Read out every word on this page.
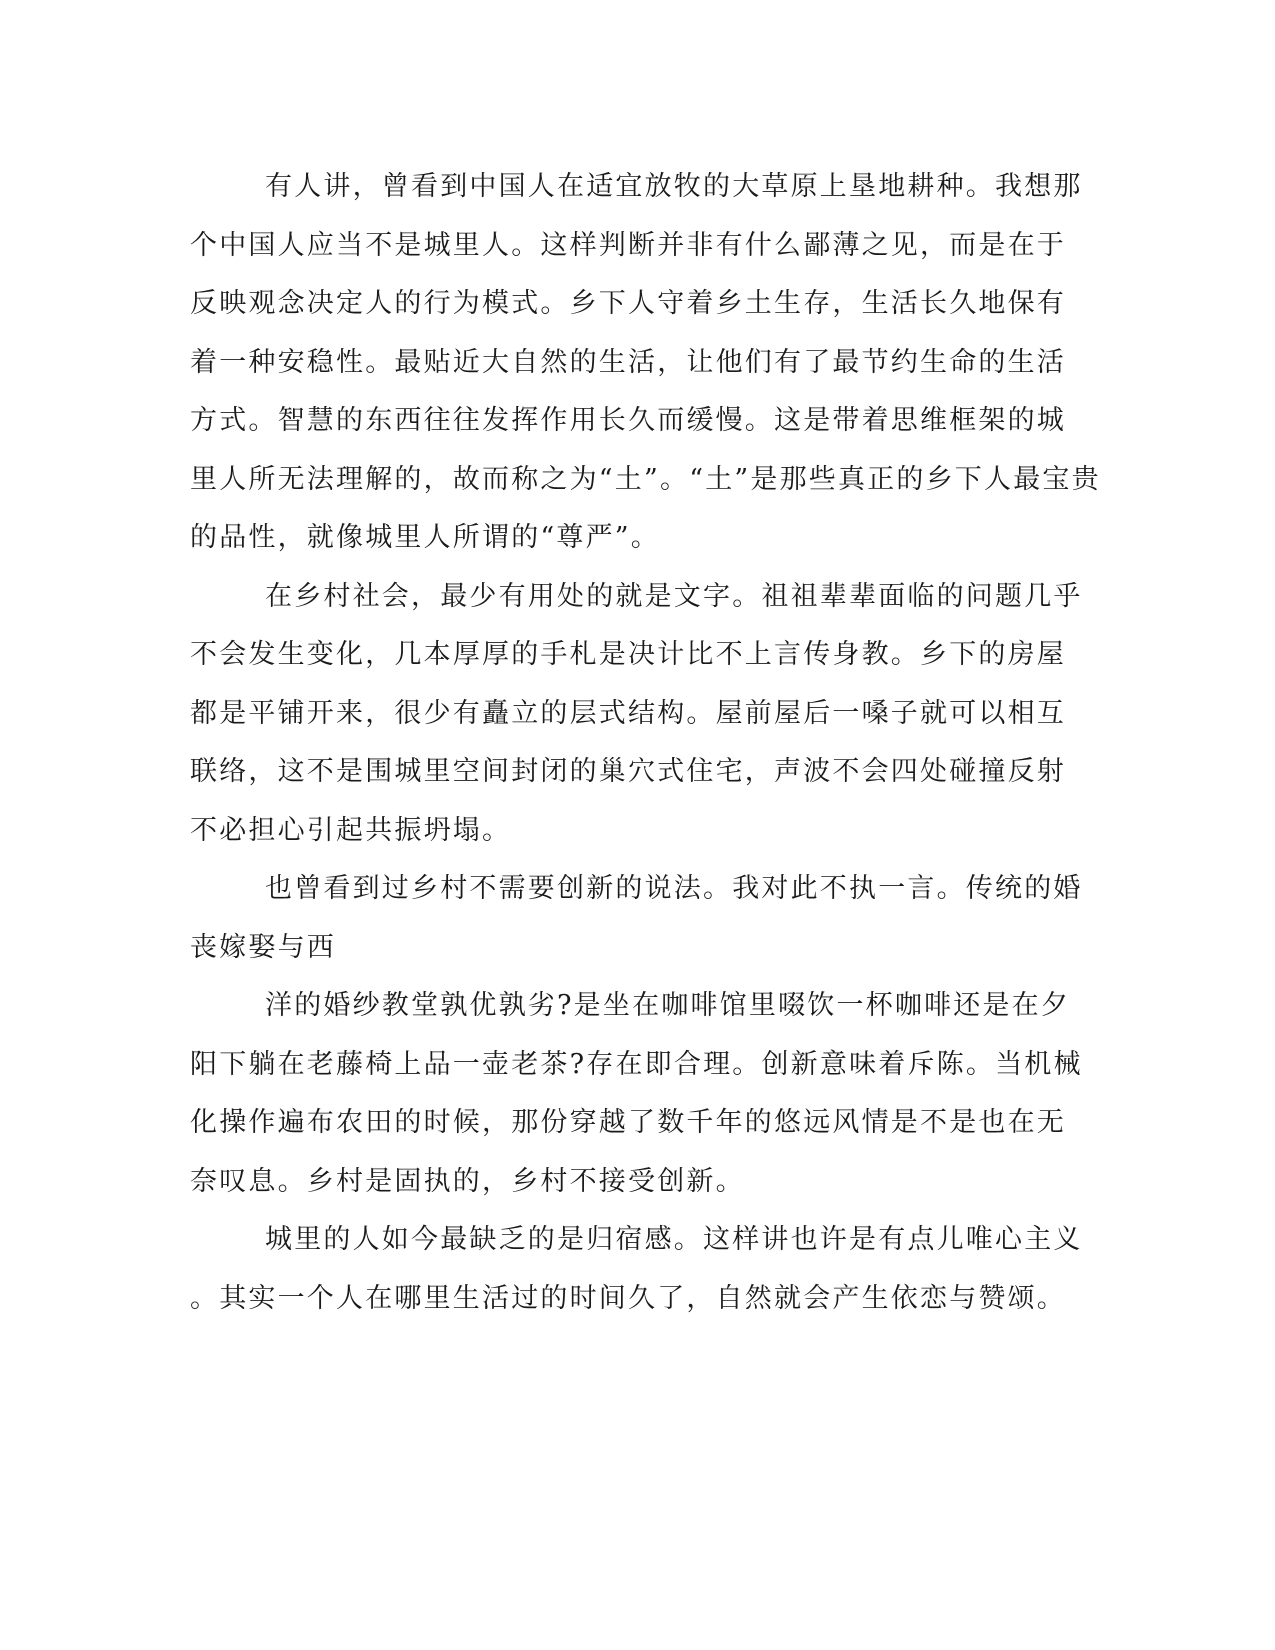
有人讲，曾看到中国人在适宜放牧的大草原上垦地耕种。我想那
个中国人应当不是城里人。这样判断并非有什么鄙薄之见，而是在于
反映观念决定人的行为模式。乡下人守着乡土生存，生活长久地保有
着一种安稳性。最贴近大自然的生活，让他们有了最节约生命的生活
方式。智慧的东西往往发挥作用长久而缓慢。这是带着思维框架的城
里人所无法理解的，故而称之为“土”。“土”是那些真正的乡下人最宝贵
的品性，就像城里人所谓的“尊严”。
在乡村社会，最少有用处的就是文字。祖祖辈辈面临的问题几乎
不会发生变化，几本厚厚的手札是决计比不上言传身教。乡下的房屋
都是平铺开来，很少有矗立的层式结构。屋前屋后一嗓子就可以相互
联络，这不是围城里空间封闭的巢穴式住宅，声波不会四处碰撞反射
不必担心引起共振坍塌。
也曾看到过乡村不需要创新的说法。我对此不执一言。传统的婚
丧嫁娶与西
洋的婚纱教堂孰优孰劣?是坐在咖啡馆里啜饮一杯咖啡还是在夕
阳下躺在老藤椅上品一壶老茶?存在即合理。创新意味着斥陈。当机械
化操作遍布农田的时候，那份穿越了数千年的悠远风情是不是也在无
奈叹息。乡村是固执的，乡村不接受创新。
城里的人如今最缺乏的是归宿感。这样讲也许是有点儿唯心主义
。其实一个人在哪里生活过的时间久了，自然就会产生依恋与赞颂。
